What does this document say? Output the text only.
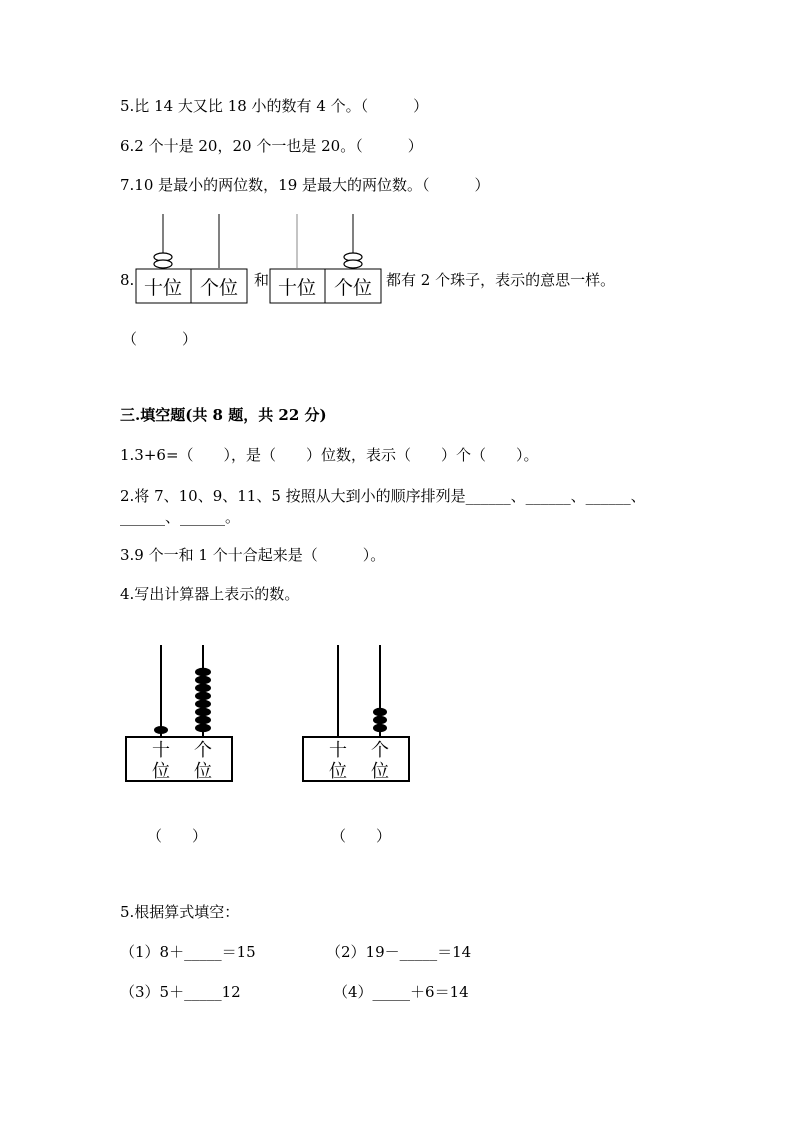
5.比 14 大又比 18 小的数有 4 个。（　　　）
6.2 个十是 20，20 个一也是 20。（　　　）
7.10 是最小的两位数，19 是最大的两位数。（　　　）
8. 十位 个位 和 十位 个位 都有 2 个珠子，表示的意思一样。
（　　　）
三.填空题(共 8 题，共 22 分)
1.3+6=（　　），是（　　）位数，表示（　　）个（　　）。
2.将 7、10、9、11、5 按照从大到小的顺序排列是______、______、______、
______、______。
3.9 个一和 1 个十合起来是（　　　）。
4.写出计算器上表示的数。
十
位
个
位
十
位
个
位
（　　）	（　　）
5.根据算式填空：
（1）8＋_____＝15	（2）19－_____＝14
（3）5＋_____12	（4）_____＋6＝14
